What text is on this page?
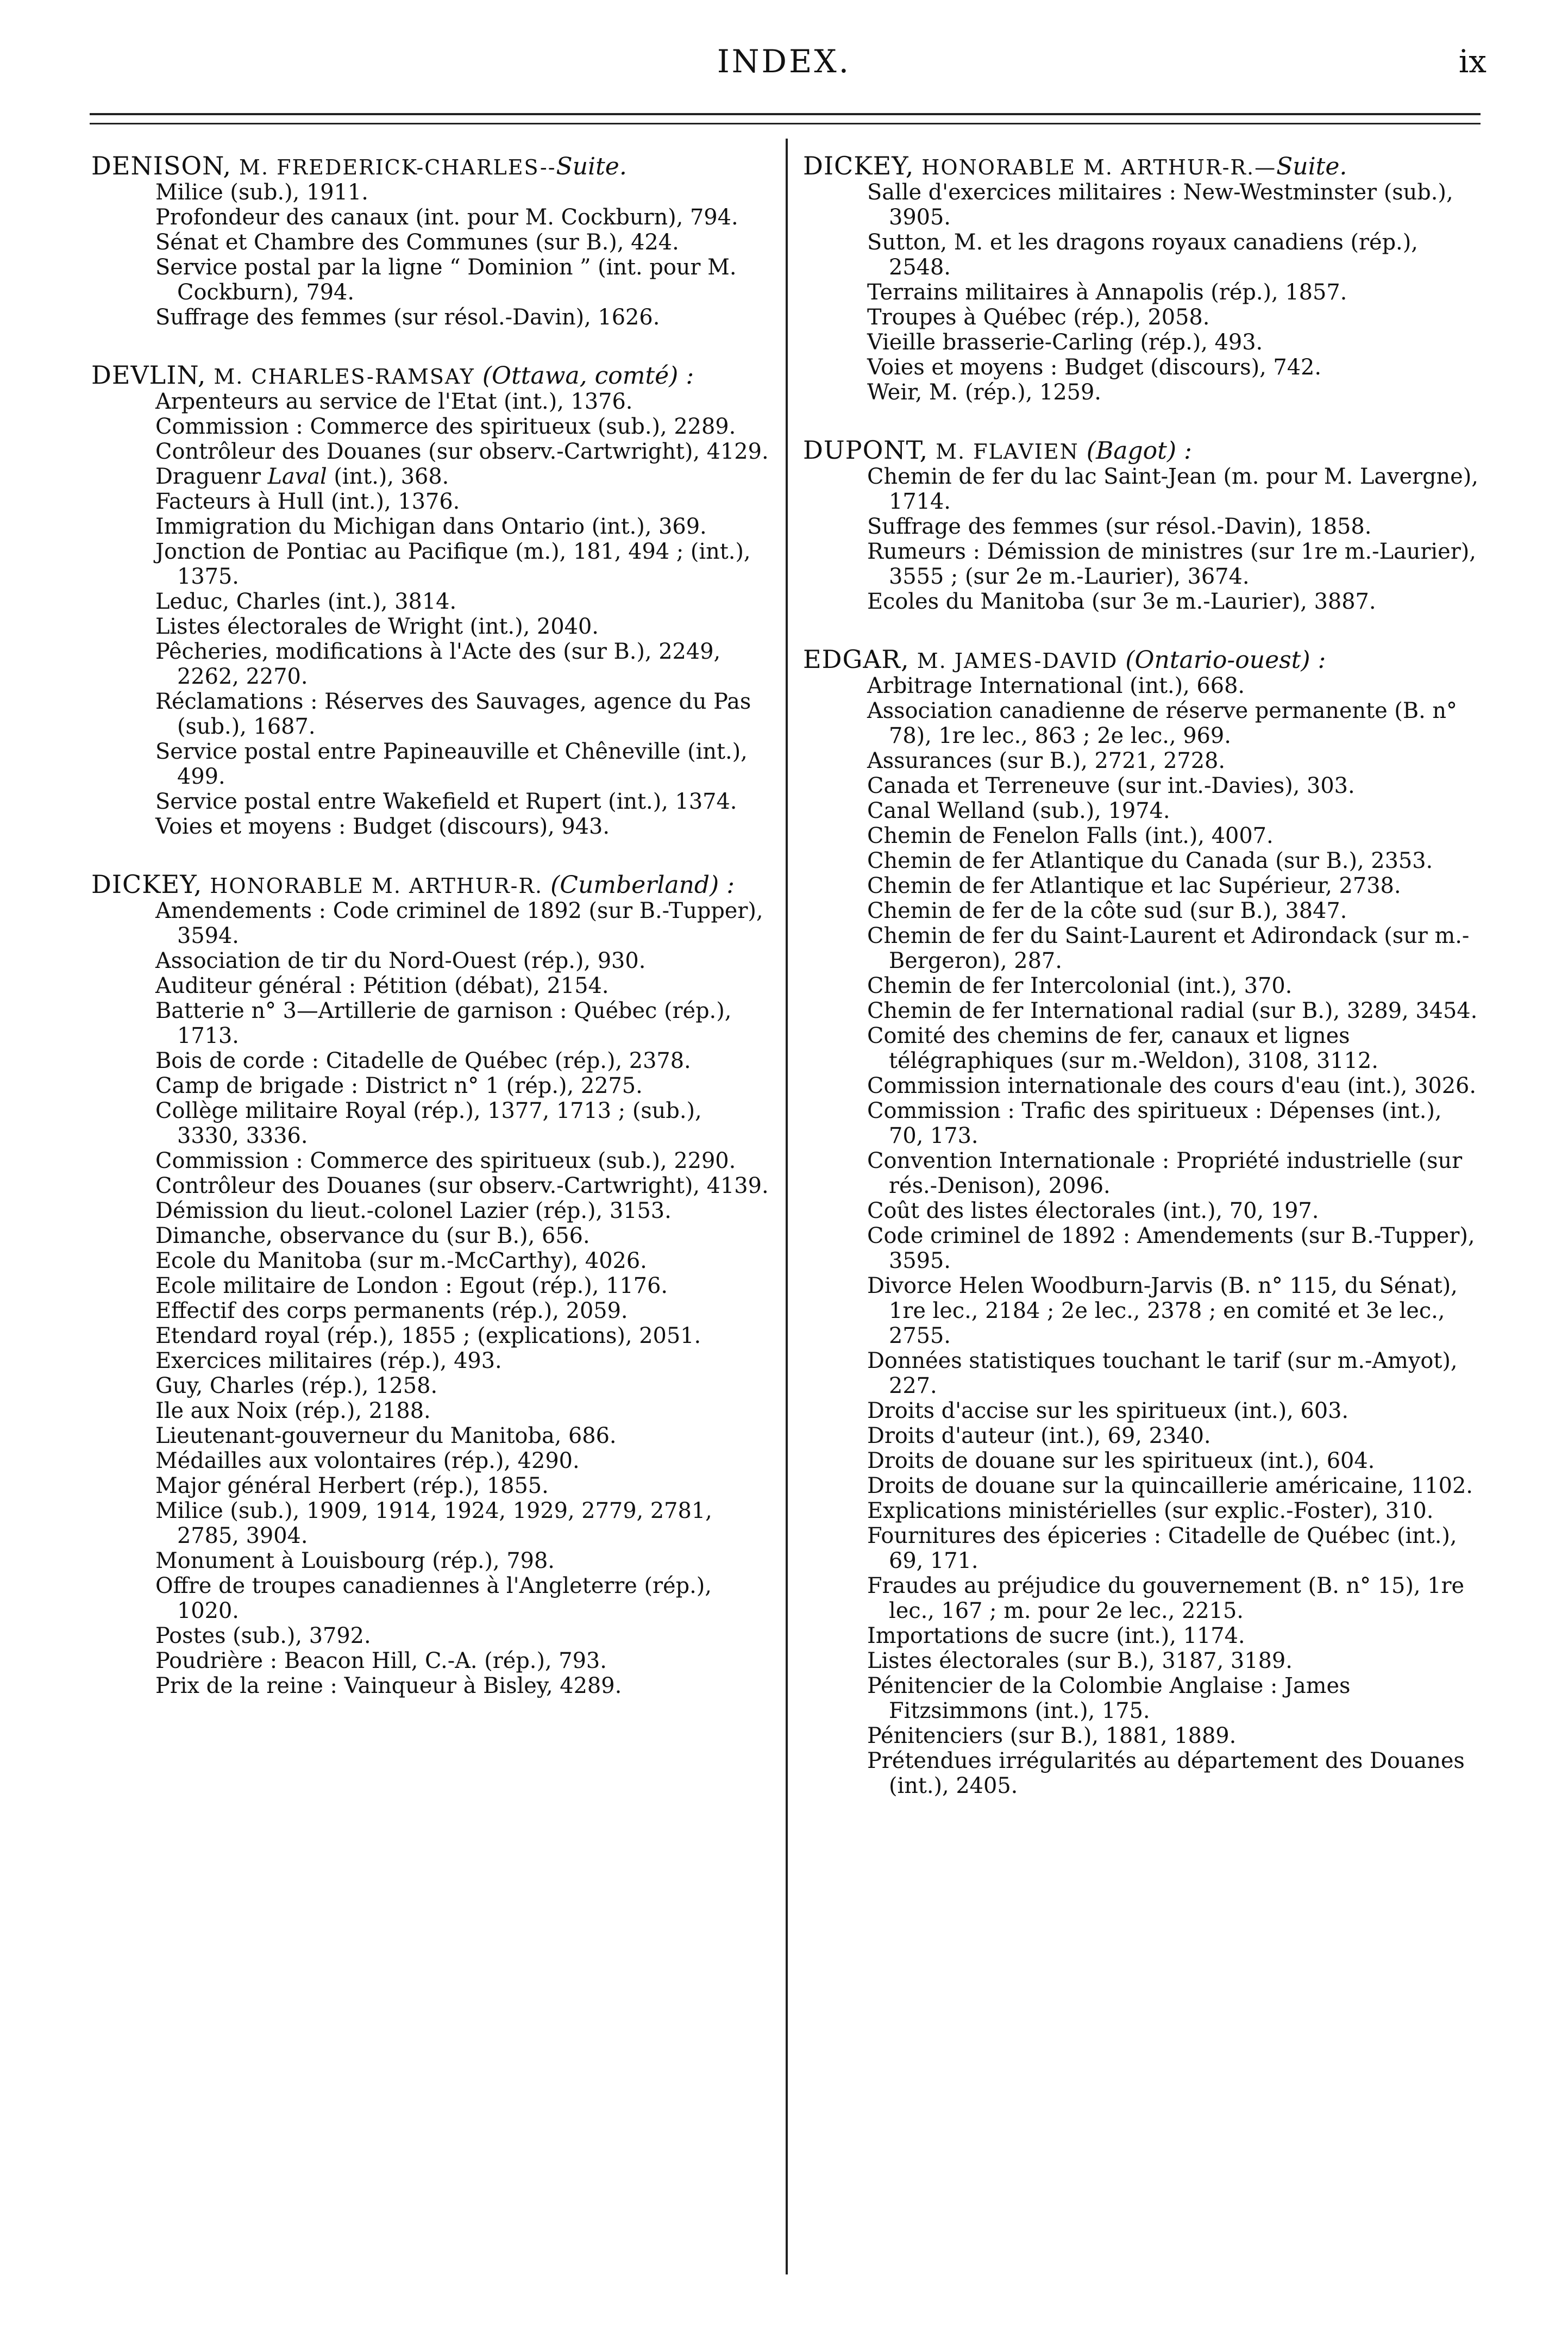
INDEX.	ix
DENISON, M. FREDERICK-CHARLES--Suite.

Milice (sub.), 1911.

Profondeur des canaux (int. pour M. Cockburn), 794.

Sénat et Chambre des Communes (sur B.), 424.

Service postal par la ligne “ Dominion ” (int. pour M. Cockburn), 794.

Suffrage des femmes (sur résol.-Davin), 1626.

DEVLIN, M. CHARLES-RAMSAY (Ottawa, comté) :

Arpenteurs au service de l'Etat (int.), 1376.

Commission : Commerce des spiritueux (sub.), 2289.

Contrôleur des Douanes (sur observ.-Cartwright), 4129.

Draguenr Laval (int.), 368.

Facteurs à Hull (int.), 1376.

Immigration du Michigan dans Ontario (int.), 369.

Jonction de Pontiac au Pacifique (m.), 181, 494 ; (int.), 1375.

Leduc, Charles (int.), 3814.

Listes électorales de Wright (int.), 2040.

Pêcheries, modifications à l'Acte des (sur B.), 2249, 2262, 2270.

Réclamations : Réserves des Sauvages, agence du Pas (sub.), 1687.

Service postal entre Papineauville et Chêneville (int.), 499.

Service postal entre Wakefield et Rupert (int.), 1374.

Voies et moyens : Budget (discours), 943.

DICKEY, HONORABLE M. ARTHUR-R. (Cumberland) :

Amendements : Code criminel de 1892 (sur B.-Tupper), 3594.

Association de tir du Nord-Ouest (rép.), 930.

Auditeur général : Pétition (débat), 2154.

Batterie n° 3—Artillerie de garnison : Québec (rép.), 1713.

Bois de corde : Citadelle de Québec (rép.), 2378.

Camp de brigade : District n° 1 (rép.), 2275.

Collège militaire Royal (rép.), 1377, 1713 ; (sub.), 3330, 3336.

Commission : Commerce des spiritueux (sub.), 2290.

Contrôleur des Douanes (sur observ.-Cartwright), 4139.

Démission du lieut.-colonel Lazier (rép.), 3153.

Dimanche, observance du (sur B.), 656.

Ecole du Manitoba (sur m.-McCarthy), 4026.

Ecole militaire de London : Egout (rép.), 1176.

Effectif des corps permanents (rép.), 2059.

Etendard royal (rép.), 1855 ; (explications), 2051.

Exercices militaires (rép.), 493.

Guy, Charles (rép.), 1258.

Ile aux Noix (rép.), 2188.

Lieutenant-gouverneur du Manitoba, 686.

Médailles aux volontaires (rép.), 4290.

Major général Herbert (rép.), 1855.

Milice (sub.), 1909, 1914, 1924, 1929, 2779, 2781, 2785, 3904.

Monument à Louisbourg (rép.), 798.

Offre de troupes canadiennes à l'Angleterre (rép.), 1020.

Postes (sub.), 3792.

Poudrière : Beacon Hill, C.-A. (rép.), 793.

Prix de la reine : Vainqueur à Bisley, 4289.

DICKEY, HONORABLE M. ARTHUR-R.—Suite.

Salle d'exercices militaires : New-Westminster (sub.), 3905.

Sutton, M. et les dragons royaux canadiens (rép.), 2548.

Terrains militaires à Annapolis (rép.), 1857.

Troupes à Québec (rép.), 2058.

Vieille brasserie-Carling (rép.), 493.

Voies et moyens : Budget (discours), 742.

Weir, M. (rép.), 1259.

DUPONT, M. FLAVIEN (Bagot) :

Chemin de fer du lac Saint-Jean (m. pour M. Lavergne), 1714.

Suffrage des femmes (sur résol.-Davin), 1858.

Rumeurs : Démission de ministres (sur 1re m.-Laurier), 3555 ; (sur 2e m.-Laurier), 3674.

Ecoles du Manitoba (sur 3e m.-Laurier), 3887.

EDGAR, M. JAMES-DAVID (Ontario-ouest) :

Arbitrage International (int.), 668.

Association canadienne de réserve permanente (B. n° 78), 1re lec., 863 ; 2e lec., 969.

Assurances (sur B.), 2721, 2728.

Canada et Terreneuve (sur int.-Davies), 303.

Canal Welland (sub.), 1974.

Chemin de Fenelon Falls (int.), 4007.

Chemin de fer Atlantique du Canada (sur B.), 2353.

Chemin de fer Atlantique et lac Supérieur, 2738.

Chemin de fer de la côte sud (sur B.), 3847.

Chemin de fer du Saint-Laurent et Adirondack (sur m.-Bergeron), 287.

Chemin de fer Intercolonial (int.), 370.

Chemin de fer International radial (sur B.), 3289, 3454.

Comité des chemins de fer, canaux et lignes télégraphiques (sur m.-Weldon), 3108, 3112.

Commission internationale des cours d'eau (int.), 3026.

Commission : Trafic des spiritueux : Dépenses (int.), 70, 173.

Convention Internationale : Propriété industrielle (sur rés.-Denison), 2096.

Coût des listes électorales (int.), 70, 197.

Code criminel de 1892 : Amendements (sur B.-Tupper), 3595.

Divorce Helen Woodburn-Jarvis (B. n° 115, du Sénat), 1re lec., 2184 ; 2e lec., 2378 ; en comité et 3e lec., 2755.

Données statistiques touchant le tarif (sur m.-Amyot), 227.

Droits d'accise sur les spiritueux (int.), 603.

Droits d'auteur (int.), 69, 2340.

Droits de douane sur les spiritueux (int.), 604.

Droits de douane sur la quincaillerie américaine, 1102.

Explications ministérielles (sur explic.-Foster), 310.

Fournitures des épiceries : Citadelle de Québec (int.), 69, 171.

Fraudes au préjudice du gouvernement (B. n° 15), 1re lec., 167 ; m. pour 2e lec., 2215.

Importations de sucre (int.), 1174.

Listes électorales (sur B.), 3187, 3189.

Pénitencier de la Colombie Anglaise : James Fitzsimmons (int.), 175.

Pénitenciers (sur B.), 1881, 1889.

Prétendues irrégularités au département des Douanes (int.), 2405.
